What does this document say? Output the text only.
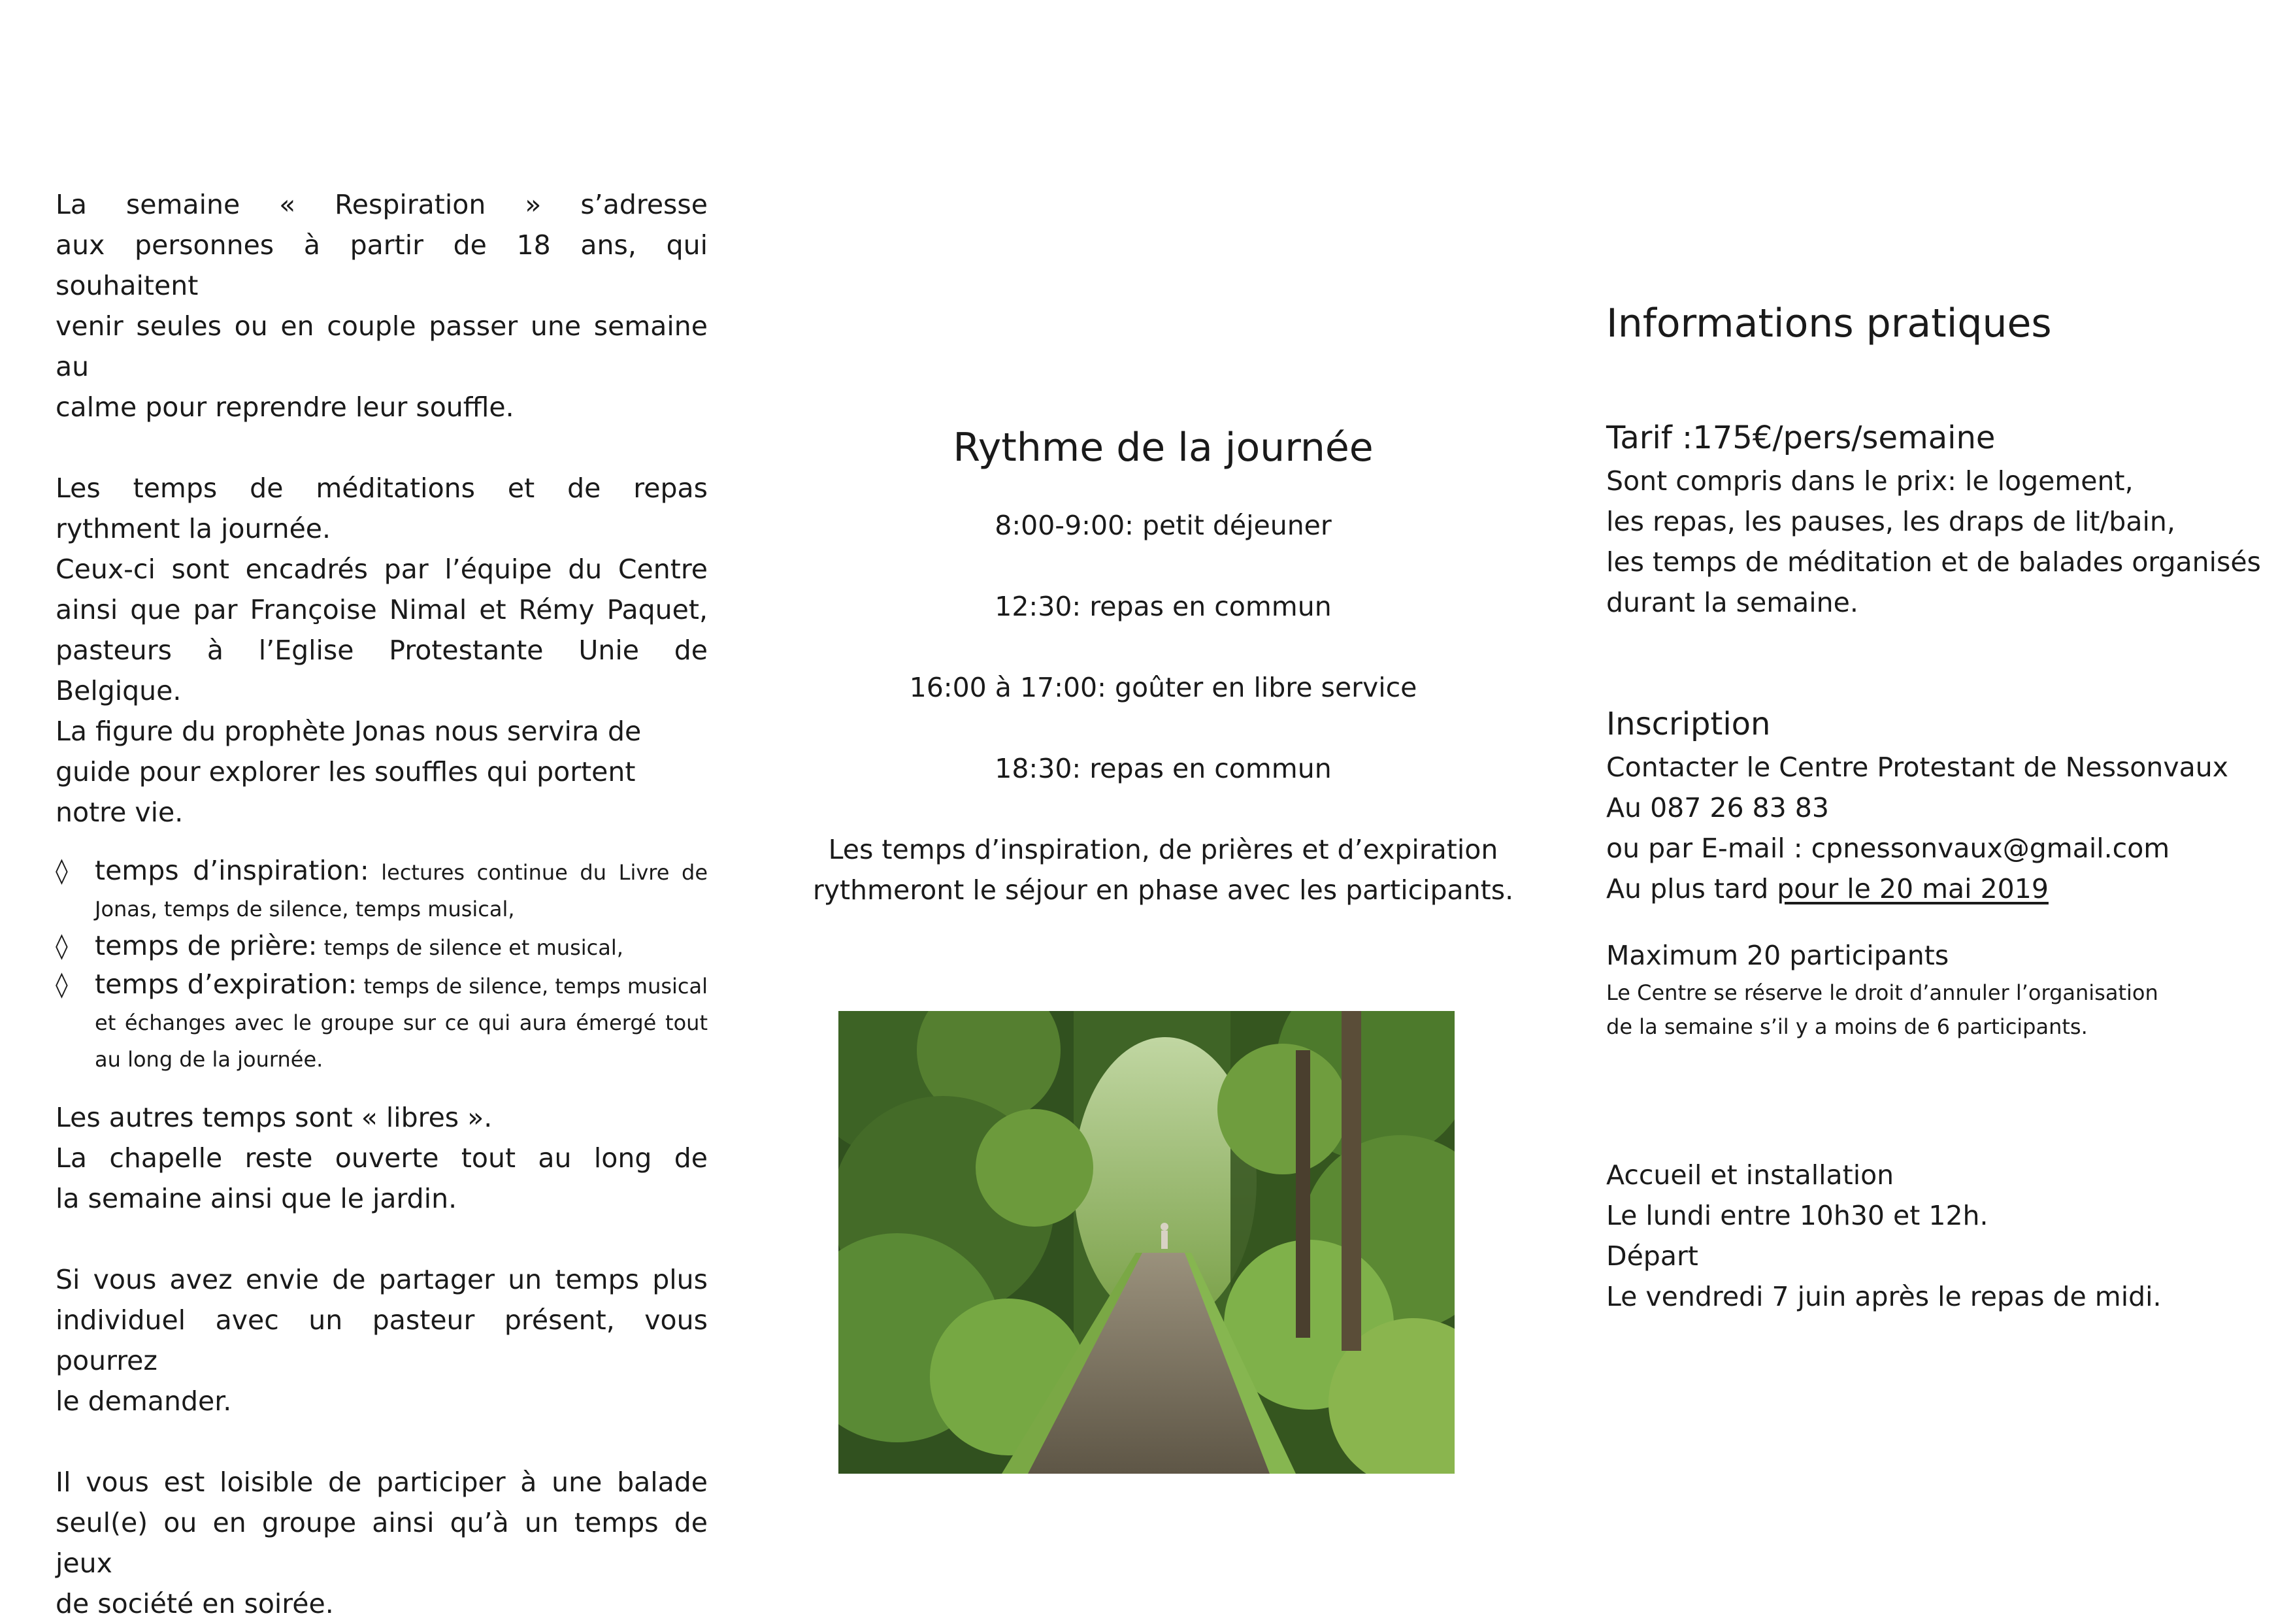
La semaine « Respiration » s’adresse

aux personnes à partir de 18 ans, qui souhaitent

venir seules ou en couple passer une semaine au

calme pour reprendre leur souffle.

Les temps de méditations et de repas

rythment la journée.

Ceux-ci sont encadrés par l’équipe du Centre

ainsi que par Françoise Nimal et Rémy Paquet,

pasteurs à l’Eglise Protestante Unie de Belgique.

La figure du prophète Jonas nous servira de

guide pour explorer les souffles qui portent

notre vie.

◊ temps d’inspiration: lectures continue du Livre de Jonas, temps de silence, temps musical,
◊ temps de prière: temps de silence et musical,
◊ temps d’expiration: temps de silence, temps musical et échanges avec le groupe sur ce qui aura émergé tout au long de la journée.

Les autres temps sont « libres ».

La chapelle reste ouverte tout au long de

la semaine ainsi que le jardin.

Si vous avez envie de partager un temps plus

individuel avec un pasteur présent, vous pourrez

le demander.

Il vous est loisible de participer à une balade

seul(e) ou en groupe ainsi qu’à un temps de jeux

de société en soirée.

Rythme de la journée

8:00-9:00: petit déjeuner

12:30: repas en commun

16:00 à 17:00: goûter en libre service

18:30: repas en commun

Les temps d’inspiration, de prières et d’expiration

rythmeront le séjour en phase avec les participants.

Informations pratiques

Tarif :175€/pers/semaine

Sont compris dans le prix: le logement,

les repas, les pauses, les draps de lit/bain,

les temps de méditation et de balades organisés

durant la semaine.

Inscription

Contacter le Centre Protestant de Nessonvaux

Au 087 26 83 83

ou par E-mail : cpnessonvaux@gmail.com

Au plus tard pour le 20 mai 2019

Maximum 20 participants

Le Centre se réserve le droit d’annuler l’organisation

de la semaine s’il y a moins de 6 participants.

Accueil et installation

Le lundi entre 10h30 et 12h.

Départ

Le vendredi 7 juin après le repas de midi.
